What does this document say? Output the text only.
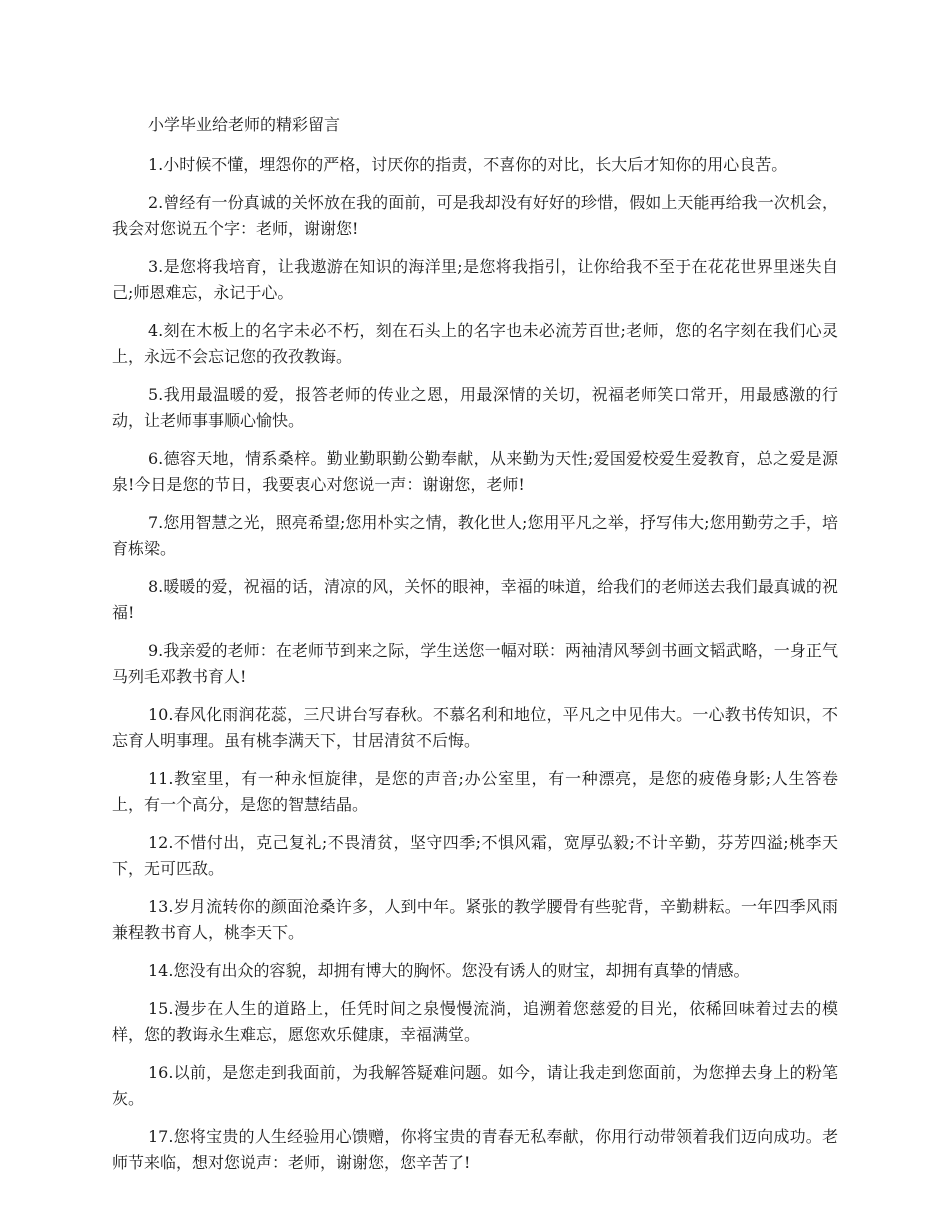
小学毕业给老师的精彩留言

1.小时候不懂，埋怨你的严格，讨厌你的指责，不喜你的对比，长大后才知你的用心良苦。

2.曾经有一份真诚的关怀放在我的面前，可是我却没有好好的珍惜，假如上天能再给我一次机会，我会对您说五个字：老师，谢谢您!

3.是您将我培育，让我遨游在知识的海洋里;是您将我指引，让你给我不至于在花花世界里迷失自己;师恩难忘，永记于心。

4.刻在木板上的名字未必不朽，刻在石头上的名字也未必流芳百世;老师，您的名字刻在我们心灵上，永远不会忘记您的孜孜教诲。

5.我用最温暖的爱，报答老师的传业之恩，用最深情的关切，祝福老师笑口常开，用最感激的行动，让老师事事顺心愉快。

6.德容天地，情系桑梓。勤业勤职勤公勤奉献，从来勤为天性;爱国爱校爱生爱教育，总之爱是源泉!今日是您的节日，我要衷心对您说一声：谢谢您，老师!

7.您用智慧之光，照亮希望;您用朴实之情，教化世人;您用平凡之举，抒写伟大;您用勤劳之手，培育栋梁。

8.暖暖的爱，祝福的话，清凉的风，关怀的眼神，幸福的味道，给我们的老师送去我们最真诚的祝福!

9.我亲爱的老师：在老师节到来之际，学生送您一幅对联：两袖清风琴剑书画文韬武略，一身正气马列毛邓教书育人!

10.春风化雨润花蕊，三尺讲台写春秋。不慕名利和地位，平凡之中见伟大。一心教书传知识，不忘育人明事理。虽有桃李满天下，甘居清贫不后悔。

11.教室里，有一种永恒旋律，是您的声音;办公室里，有一种漂亮，是您的疲倦身影;人生答卷上，有一个高分，是您的智慧结晶。

12.不惜付出，克己复礼;不畏清贫，坚守四季;不惧风霜，宽厚弘毅;不计辛勤，芬芳四溢;桃李天下，无可匹敌。

13.岁月流转你的颜面沧桑许多，人到中年。紧张的教学腰骨有些驼背，辛勤耕耘。一年四季风雨兼程教书育人，桃李天下。

14.您没有出众的容貌，却拥有博大的胸怀。您没有诱人的财宝，却拥有真挚的情感。

15.漫步在人生的道路上，任凭时间之泉慢慢流淌，追溯着您慈爱的目光，依稀回味着过去的模样，您的教诲永生难忘，愿您欢乐健康，幸福满堂。

16.以前，是您走到我面前，为我解答疑难问题。如今，请让我走到您面前，为您掸去身上的粉笔灰。

17.您将宝贵的人生经验用心馈赠，你将宝贵的青春无私奉献，你用行动带领着我们迈向成功。老师节来临，想对您说声：老师，谢谢您，您辛苦了!
